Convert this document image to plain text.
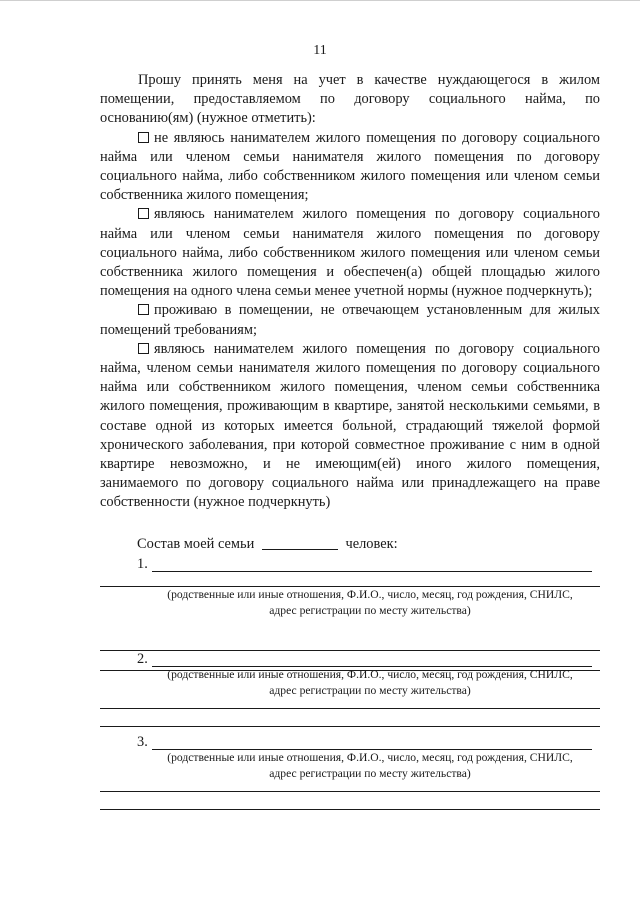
11

Прошу принять меня на учет в качестве нуждающегося в жилом помещении, предоставляемом по договору социального найма, по основанию(ям) (нужное отметить):

не являюсь нанимателем жилого помещения по договору социального найма или членом семьи нанимателя жилого помещения по договору социального найма, либо собственником жилого помещения или членом семьи собственника жилого помещения;

являюсь нанимателем жилого помещения по договору социального найма или членом семьи нанимателя жилого помещения по договору социального найма, либо собственником жилого помещения или членом семьи собственника жилого помещения и обеспечен(а) общей площадью жилого помещения на одного члена семьи менее учетной нормы (нужное подчеркнуть);

проживаю в помещении, не отвечающем установленным для жилых помещений требованиям;

являюсь нанимателем жилого помещения по договору социального найма, членом семьи нанимателя жилого помещения по договору социального найма или собственником жилого помещения, членом семьи собственника жилого помещения, проживающим в квартире, занятой несколькими семьями, в составе одной из которых имеется больной, страдающий тяжелой формой хронического заболевания, при которой совместное проживание с ним в одной квартире невозможно, и не имеющим(ей) иного жилого помещения, занимаемого по договору социального найма или принадлежащего на праве собственности (нужное подчеркнуть)

Состав моей семьи	человек:
1.
(родственные или иные отношения, Ф.И.О., число, месяц, год рождения, СНИЛС,
адрес регистрации по месту жительства)
2.
(родственные или иные отношения, Ф.И.О., число, месяц, год рождения, СНИЛС,
адрес регистрации по месту жительства)
3.
(родственные или иные отношения, Ф.И.О., число, месяц, год рождения, СНИЛС,
адрес регистрации по месту жительства)
